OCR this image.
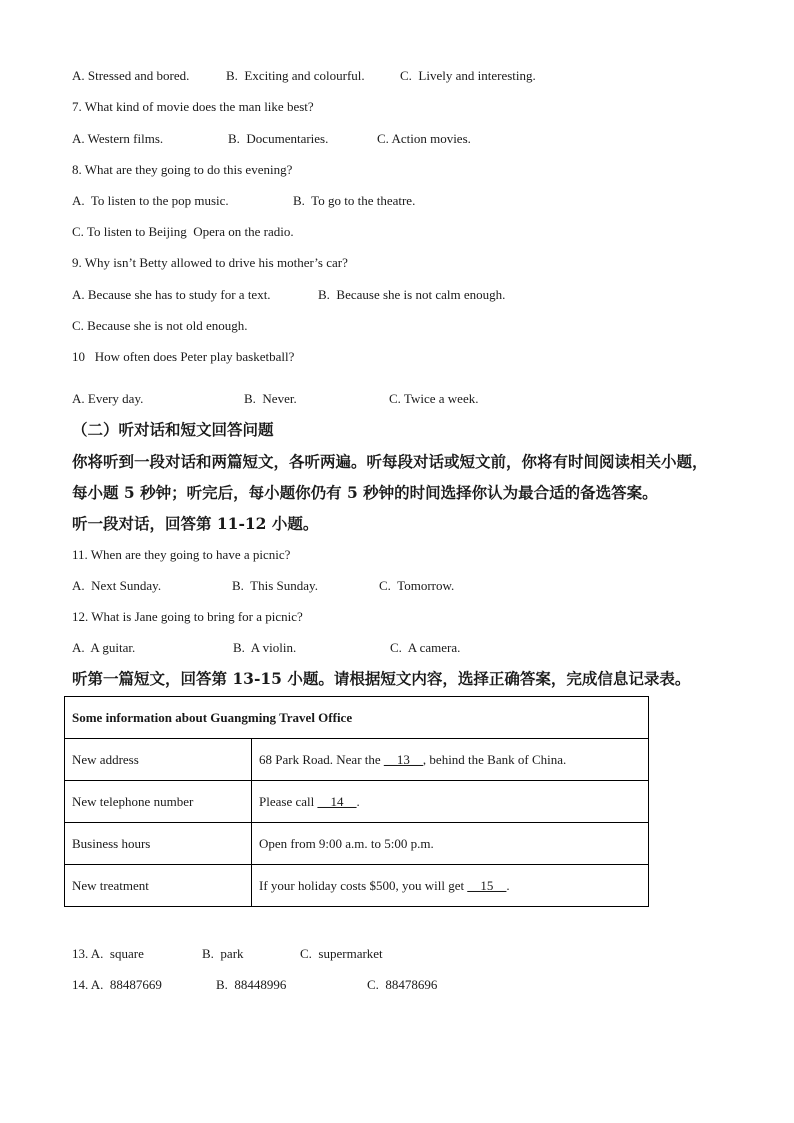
A. Stressed and bored.	B.  Exciting and colourful.	C.  Lively and interesting.
7. What kind of movie does the man like best?
A. Western films.	B.  Documentaries.	C. Action movies.
8. What are they going to do this evening?
A.  To listen to the pop music.	B.  To go to the theatre.
C. To listen to Beijing  Opera on the radio.
9. Why isn’t Betty allowed to drive his mother’s car?
A. Because she has to study for a text.	B.  Because she is not calm enough.
C. Because she is not old enough.
10   How often does Peter play basketball?
A. Every day.	B.  Never.	C. Twice a week.
（二）听对话和短文回答问题
你将听到一段对话和两篇短文，各听两遍。听每段对话或短文前，你将有时间阅读相关小题，
每小题 5 秒钟；听完后，每小题你仍有 5 秒钟的时间选择你认为最合适的备选答案。
听一段对话，回答第 11-12 小题。
11. When are they going to have a picnic?
A.  Next Sunday.	B.  This Sunday.	C.  Tomorrow.
12. What is Jane going to bring for a picnic?
A.  A guitar.	B.  A violin.	C.  A camera.
听第一篇短文，回答第 13-15 小题。请根据短文内容，选择正确答案，完成信息记录表。
Some information about Guangming Travel Office	
New address	68 Park Road. Near the __13__, behind the Bank of China.
New telephone number	Please call __14__.
Business hours	Open from 9:00 a.m. to 5:00 p.m.
New treatment	If your holiday costs $500, you will get __15__.
13. A.  square	B.  park	C.  supermarket
14. A.  88487669	B.  88448996	C.  88478696
